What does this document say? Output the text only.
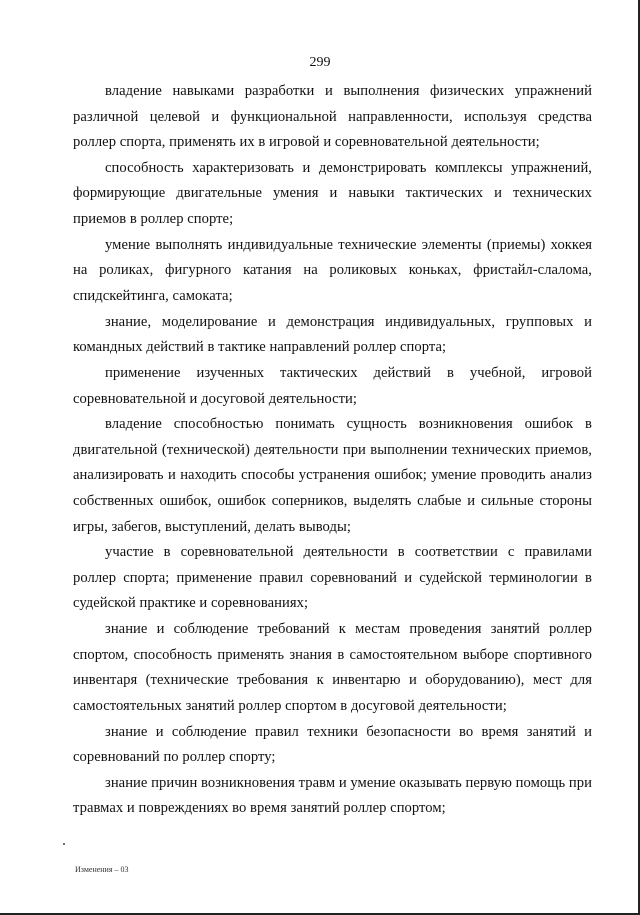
299

владение навыками разработки и выполнения физических упражнений различной целевой и функциональной направленности, используя средства роллер спорта, применять их в игровой и соревновательной деятельности;

способность характеризовать и демонстрировать комплексы упражнений, формирующие двигательные умения и навыки тактических и технических приемов в роллер спорте;

умение выполнять индивидуальные технические элементы (приемы) хоккея на роликах, фигурного катания на роликовых коньках, фристайл-слалома, спидскейтинга, самоката;

знание, моделирование и демонстрация индивидуальных, групповых и командных действий в тактике направлений роллер спорта;

применение изученных тактических действий в учебной, игровой соревновательной и досуговой деятельности;

владение способностью понимать сущность возникновения ошибок в двигательной (технической) деятельности при выполнении технических приемов, анализировать и находить способы устранения ошибок; умение проводить анализ собственных ошибок, ошибок соперников, выделять слабые и сильные стороны игры, забегов, выступлений, делать выводы;

участие в соревновательной деятельности в соответствии с правилами роллер спорта; применение правил соревнований и судейской терминологии в судейской практике и соревнованиях;

знание и соблюдение требований к местам проведения занятий роллер спортом, способность применять знания в самостоятельном выборе спортивного инвентаря (технические требования к инвентарю и оборудованию), мест для самостоятельных занятий роллер спортом в досуговой деятельности;

знание и соблюдение правил техники безопасности во время занятий и соревнований по роллер спорту;

знание причин возникновения травм и умение оказывать первую помощь при травмах и повреждениях во время занятий роллер спортом;

Изменения – 03
